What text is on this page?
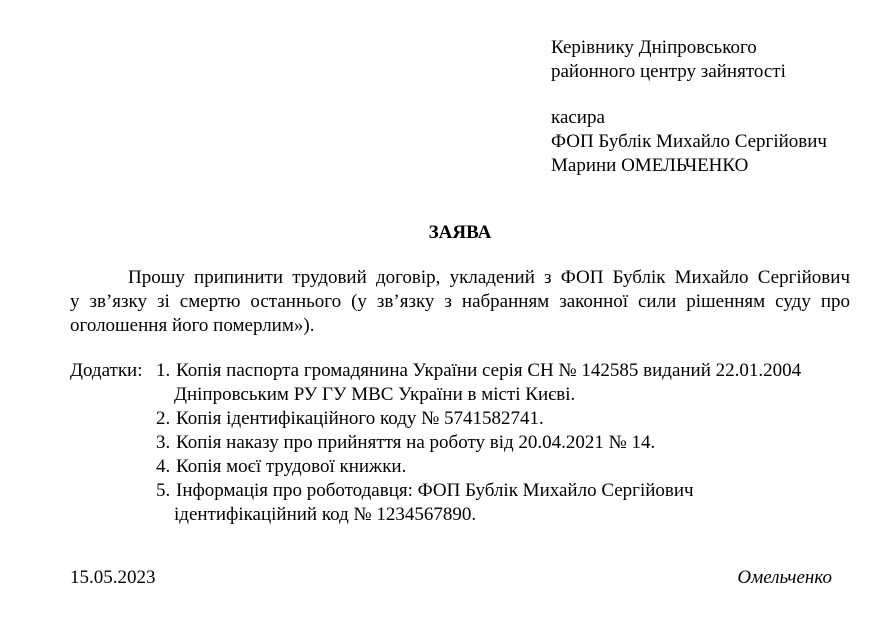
Керівнику Дніпровського
районного центру зайнятості
касира
ФОП Бублік Михайло Сергійович
Марини ОМЕЛЬЧЕНКО
ЗАЯВА
Прошу припинити трудовий договір, укладений з ФОП Бублік Михайло Сергійович
у зв’язку зі смертю останнього (у зв’язку з набранням законної сили рішенням суду про
оголошення його померлим»).
Додатки: 1. Копія паспорта громадянина України серія СН № 142585 виданий 22.01.2004
Дніпровським РУ ГУ МВС України в місті Києві.
2. Копія ідентифікаційного коду № 5741582741.
3. Копія наказу про прийняття на роботу від 20.04.2021 № 14.
4. Копія моєї трудової книжки.
5. Інформація про роботодавця: ФОП Бублік Михайло Сергійович
ідентифікаційний код № 1234567890.
15.05.2023	Омельченко
